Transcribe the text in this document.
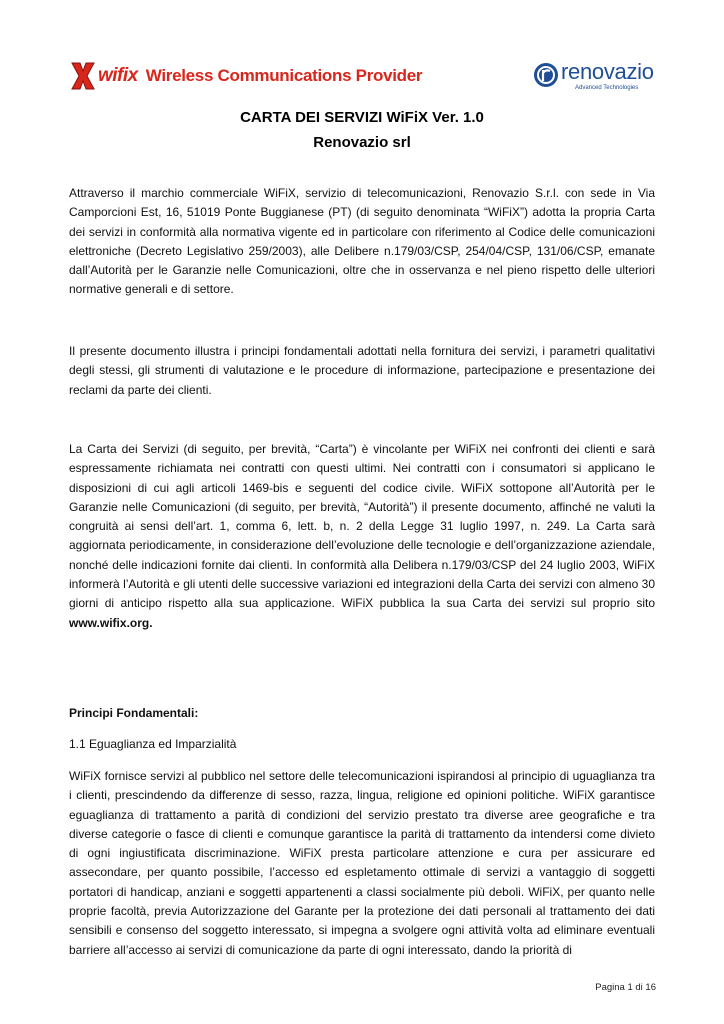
wifix Wireless Communications Provider	renovazio
Advanced Technologies
CARTA DEI SERVIZI WiFiX Ver. 1.0
Renovazio srl

Attraverso il marchio commerciale WiFiX, servizio di telecomunicazioni, Renovazio S.r.l. con sede in Via Camporcioni Est, 16, 51019 Ponte Buggianese (PT) (di seguito denominata “WiFiX”) adotta la propria Carta dei servizi in conformità alla normativa vigente ed in particolare con riferimento al Codice delle comunicazioni elettroniche (Decreto Legislativo 259/2003), alle Delibere n.179/03/CSP, 254/04/CSP, 131/06/CSP, emanate dall’Autorità per le Garanzie nelle Comunicazioni, oltre che in osservanza e nel pieno rispetto delle ulteriori normative generali e di settore.

Il presente documento illustra i principi fondamentali adottati nella fornitura dei servizi, i parametri qualitativi degli stessi, gli strumenti di valutazione e le procedure di informazione, partecipazione e presentazione dei reclami da parte dei clienti.

La Carta dei Servizi (di seguito, per brevità, “Carta”) è vincolante per WiFiX nei confronti dei clienti e sarà espressamente richiamata nei contratti con questi ultimi. Nei contratti con i consumatori si applicano le disposizioni di cui agli articoli 1469-bis e seguenti del codice civile. WiFiX sottopone all’Autorità per le Garanzie nelle Comunicazioni (di seguito, per brevità, “Autorità”) il presente documento, affinché ne valuti la congruità ai sensi dell’art. 1, comma 6, lett. b, n. 2 della Legge 31 luglio 1997, n. 249. La Carta sarà aggiornata periodicamente, in considerazione dell’evoluzione delle tecnologie e dell’organizzazione aziendale, nonché delle indicazioni fornite dai clienti. In conformità alla Delibera n.179/03/CSP del 24 luglio 2003, WiFiX informerà l’Autorità e gli utenti delle successive variazioni ed integrazioni della Carta dei servizi con almeno 30 giorni di anticipo rispetto alla sua applicazione. WiFiX pubblica la sua Carta dei servizi sul proprio sito www.wifix.org.

Principi Fondamentali:
1.1 Eguaglianza ed Imparzialità

WiFiX fornisce servizi al pubblico nel settore delle telecomunicazioni ispirandosi al principio di uguaglianza tra i clienti, prescindendo da differenze di sesso, razza, lingua, religione ed opinioni politiche. WiFiX garantisce eguaglianza di trattamento a parità di condizioni del servizio prestato tra diverse aree geografiche e tra diverse categorie o fasce di clienti e comunque garantisce la parità di trattamento da intendersi come divieto di ogni ingiustificata discriminazione. WiFiX presta particolare attenzione e cura per assicurare ed assecondare, per quanto possibile, l’accesso ed espletamento ottimale di servizi a vantaggio di soggetti portatori di handicap, anziani e soggetti appartenenti a classi socialmente più deboli. WiFiX, per quanto nelle proprie facoltà, previa Autorizzazione del Garante per la protezione dei dati personali al trattamento dei dati sensibili e consenso del soggetto interessato, si impegna a svolgere ogni attività volta ad eliminare eventuali barriere all’accesso ai servizi di comunicazione da parte di ogni interessato, dando la priorità di

Pagina 1 di 16
